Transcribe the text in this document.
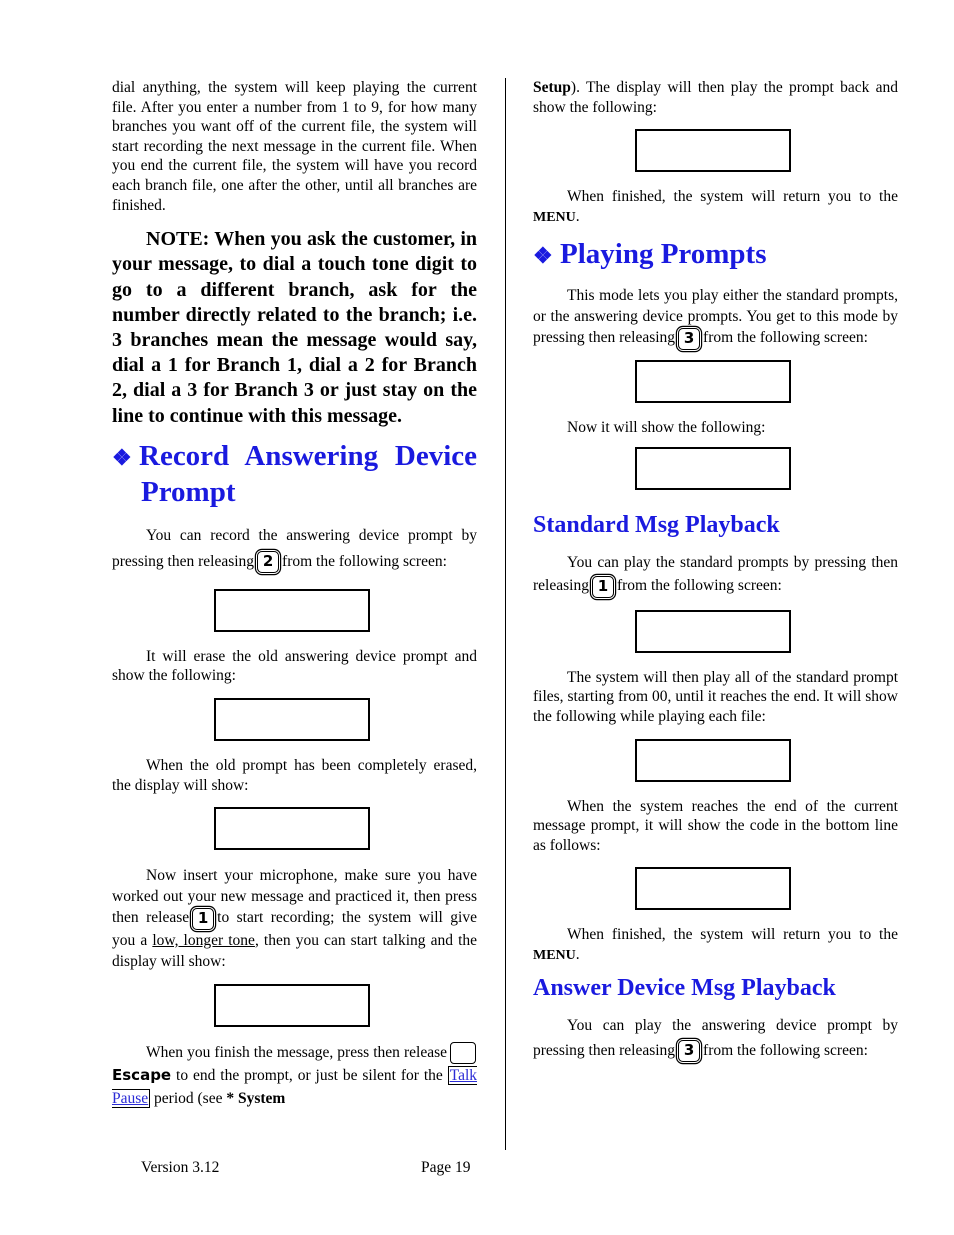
dial anything, the system will keep playing the current file. After you enter a number from 1 to 9, for how many branches you want off of the current file, the system will start recording the next message in the current file. When you end the current file, the system will have you record each branch file, one after the other, until all branches are finished.

NOTE: When you ask the customer, in your message, to dial a touch tone digit to go to a different branch, ask for the number directly related to the branch; i.e. 3 branches mean the message would say, dial a 1 for Branch 1, dial a 2 for Branch 2, dial a 3 for Branch 3 or just stay on the line to continue with this message.

❖ Record Answering Device Prompt

You can record the answering device prompt by pressing then releasing 2 from the following screen:

It will erase the old answering device prompt and show the following:

When the old prompt has been completely erased, the display will show:

Now insert your microphone, make sure you have worked out your new message and practiced it, then press then release 1 to start recording; the system will give you a low, longer tone, then you can start talking and the display will show:

When you finish the message, press then releaseEscape to end the prompt, or just be silent for the Talk Pause period (see * System

Setup). The display will then play the prompt back and show the following:

When finished, the system will return you to the MENU.

❖ Playing Prompts

This mode lets you play either the standard prompts, or the answering device prompts. You get to this mode by pressing then releasing 3 from the following screen:

Now it will show the following:

Standard Msg Playback

You can play the standard prompts by pressing then releasing 1 from the following screen:

The system will then play all of the standard prompt files, starting from 00, until it reaches the end. It will show the following while playing each file:

When the system reaches the end of the current message prompt, it will show the code in the bottom line as follows:

When finished, the system will return you to the MENU.

Answer Device Msg Playback

You can play the answering device prompt by pressing then releasing 3 from the following screen:

Version 3.12	Page 19
